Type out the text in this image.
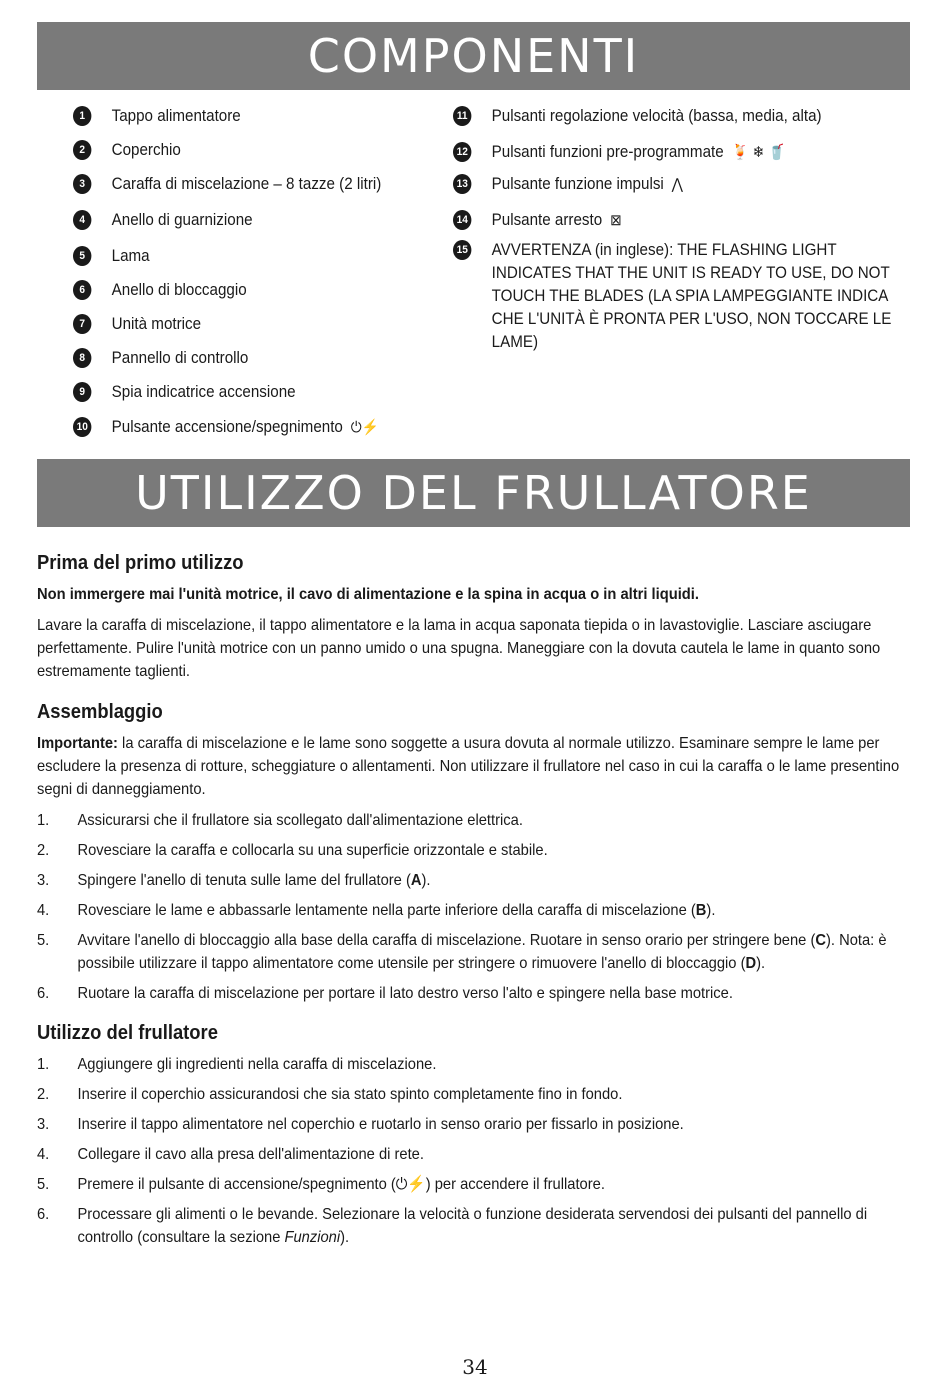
COMPONENTI
1	Tappo alimentatore
2	Coperchio
3	Caraffa di miscelazione – 8 tazze (2 litri)
4	Anello di guarnizione
5	Lama
6	Anello di bloccaggio
7	Unità motrice
8	Pannello di controllo
9	Spia indicatrice accensione
10 Pulsante accensione/spegnimento ⏻⚡
11 Pulsanti regolazione velocità (bassa, media, alta)
12 Pulsanti funzioni pre-programmate 🍹 ❄ 🥤
13 Pulsante funzione impulsi ⋀
14 Pulsante arresto ⊠
15 AVVERTENZA (in inglese): THE FLASHING LIGHT INDICATES THAT THE UNIT IS READY TO USE, DO NOT TOUCH THE BLADES (LA SPIA LAMPEGGIANTE INDICA CHE L'UNITÀ È PRONTA PER L'USO, NON TOCCARE LE LAME)
UTILIZZO DEL FRULLATORE
Prima del primo utilizzo
Non immergere mai l'unità motrice, il cavo di alimentazione e la spina in acqua o in altri liquidi.
Lavare la caraffa di miscelazione, il tappo alimentatore e la lama in acqua saponata tiepida o in lavastoviglie. Lasciare asciugare perfettamente. Pulire l'unità motrice con un panno umido o una spugna. Maneggiare con la dovuta cautela le lame in quanto sono estremamente taglienti.
Assemblaggio
Importante: la caraffa di miscelazione e le lame sono soggette a usura dovuta al normale utilizzo. Esaminare sempre le lame per escludere la presenza di rotture, scheggiature o allentamenti. Non utilizzare il frullatore nel caso in cui la caraffa o le lame presentino segni di danneggiamento.
1.	Assicurarsi che il frullatore sia scollegato dall'alimentazione elettrica.
2.	Rovesciare la caraffa e collocarla su una superficie orizzontale e stabile.
3.	Spingere l'anello di tenuta sulle lame del frullatore (A).
4.	Rovesciare le lame e abbassarle lentamente nella parte inferiore della caraffa di miscelazione (B).
5.	Avvitare l'anello di bloccaggio alla base della caraffa di miscelazione. Ruotare in senso orario per stringere bene (C). Nota: è possibile utilizzare il tappo alimentatore come utensile per stringere o rimuovere l'anello di bloccaggio (D).
6.	Ruotare la caraffa di miscelazione per portare il lato destro verso l'alto e spingere nella base motrice.
Utilizzo del frullatore
1.	Aggiungere gli ingredienti nella caraffa di miscelazione.
2.	Inserire il coperchio assicurandosi che sia stato spinto completamente fino in fondo.
3.	Inserire il tappo alimentatore nel coperchio e ruotarlo in senso orario per fissarlo in posizione.
4.	Collegare il cavo alla presa dell'alimentazione di rete.
5.	Premere il pulsante di accensione/spegnimento (⏻⚡) per accendere il frullatore.
6.	Processare gli alimenti o le bevande. Selezionare la velocità o funzione desiderata servendosi dei pulsanti del pannello di controllo (consultare la sezione Funzioni).
34
